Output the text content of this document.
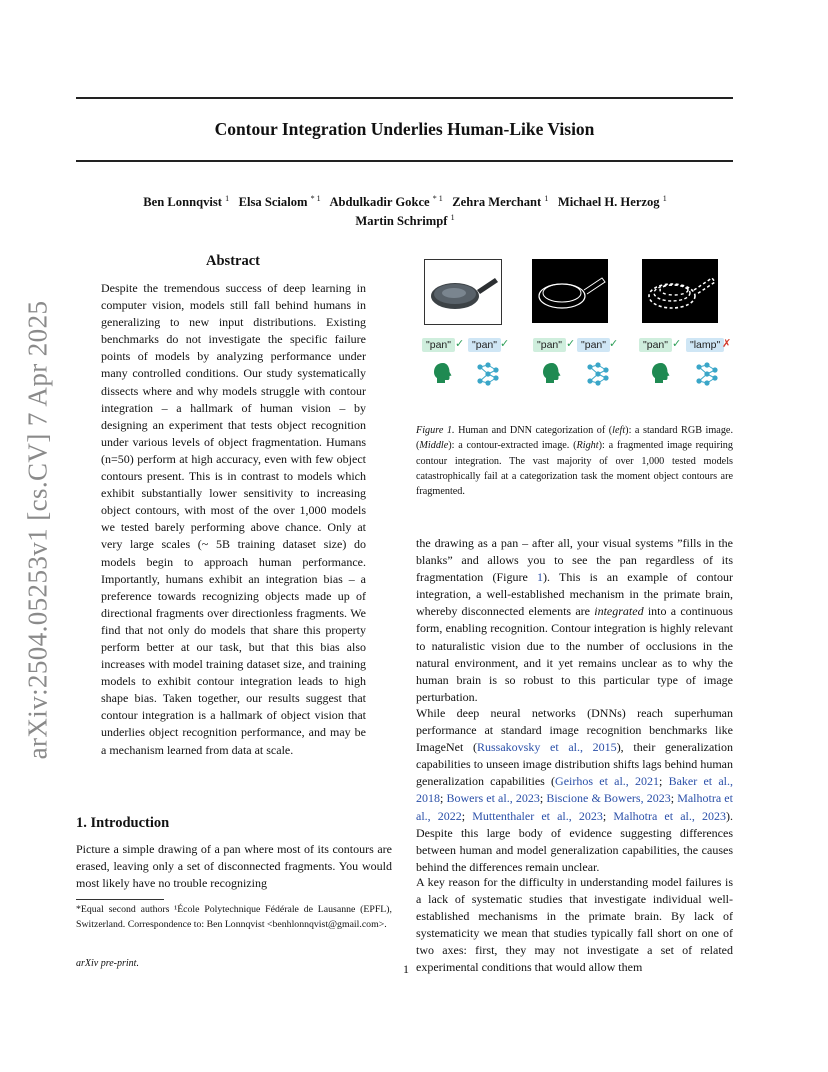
Contour Integration Underlies Human-Like Vision
Ben Lonnqvist $^1$ Elsa Scialom $^{* 1}$ Abdulkadir Gokce $^{* 1}$ Zehra Merchant $^1$ Michael H. Herzog $^1$
Martin Schrimpf $^1$
arXiv:2504.05253v1 [cs.CV] 7 Apr 2025
Abstract
Despite the tremendous success of deep learning in computer vision, models still fall behind humans in generalizing to new input distributions. Existing benchmarks do not investigate the specific failure points of models by analyzing performance under many controlled conditions. Our study systematically dissects where and why models struggle with contour integration – a hallmark of human vision – by designing an experiment that tests object recognition under various levels of object fragmentation. Humans (n=50) perform at high accuracy, even with few object contours present. This is in contrast to models which exhibit substantially lower sensitivity to increasing object contours, with most of the over 1,000 models we tested barely performing above chance. Only at very large scales (~ 5B training dataset size) do models begin to approach human performance. Importantly, humans exhibit an integration bias – a preference towards recognizing objects made up of directional fragments over directionless fragments. We find that not only do models that share this property perform better at our task, but that this bias also increases with model training dataset size, and training models to exhibit contour integration leads to high shape bias. Taken together, our results suggest that contour integration is a hallmark of object vision that underlies object recognition performance, and may be a mechanism learned from data at scale.
1. Introduction
Picture a simple drawing of a pan where most of its contours are erased, leaving only a set of disconnected fragments. You would most likely have no trouble recognizing
*Equal second authors ¹École Polytechnique Fédérale de Lausanne (EPFL), Switzerland. Correspondence to: Ben Lonnqvist <benhlonnqvist@gmail.com>.
arXiv pre-print.	1
"pan" ✓ "pan" ✓	"pan" ✓ "pan" ✓	"pan" ✓ "lamp" ✗
Figure 1. Human and DNN categorization of (left): a standard RGB image. (Middle): a contour-extracted image. (Right): a fragmented image requiring contour integration. The vast majority of over 1,000 tested models catastrophically fail at a categorization task the moment object contours are fragmented.
the drawing as a pan – after all, your visual systems ”fills in the blanks” and allows you to see the pan regardless of its fragmentation (Figure 1). This is an example of contour integration, a well-established mechanism in the primate brain, whereby disconnected elements are integrated into a continuous form, enabling recognition. Contour integration is highly relevant to naturalistic vision due to the number of occlusions in the natural environment, and it yet remains unclear as to why the human brain is so robust to this particular type of image perturbation.
While deep neural networks (DNNs) reach superhuman performance at standard image recognition benchmarks like ImageNet (Russakovsky et al., 2015), their generalization capabilities to unseen image distribution shifts lags behind human generalization capabilities (Geirhos et al., 2021; Baker et al., 2018; Bowers et al., 2023; Biscione & Bowers, 2023; Malhotra et al., 2022; Muttenthaler et al., 2023; Malhotra et al., 2023). Despite this large body of evidence suggesting differences between human and model generalization capabilities, the causes behind the differences remain unclear.
A key reason for the difficulty in understanding model failures is a lack of systematic studies that investigate individual well-established mechanisms in the primate brain. By lack of systematicity we mean that studies typically fall short on one of two axes: first, they may not investigate a set of related experimental conditions that would allow them
